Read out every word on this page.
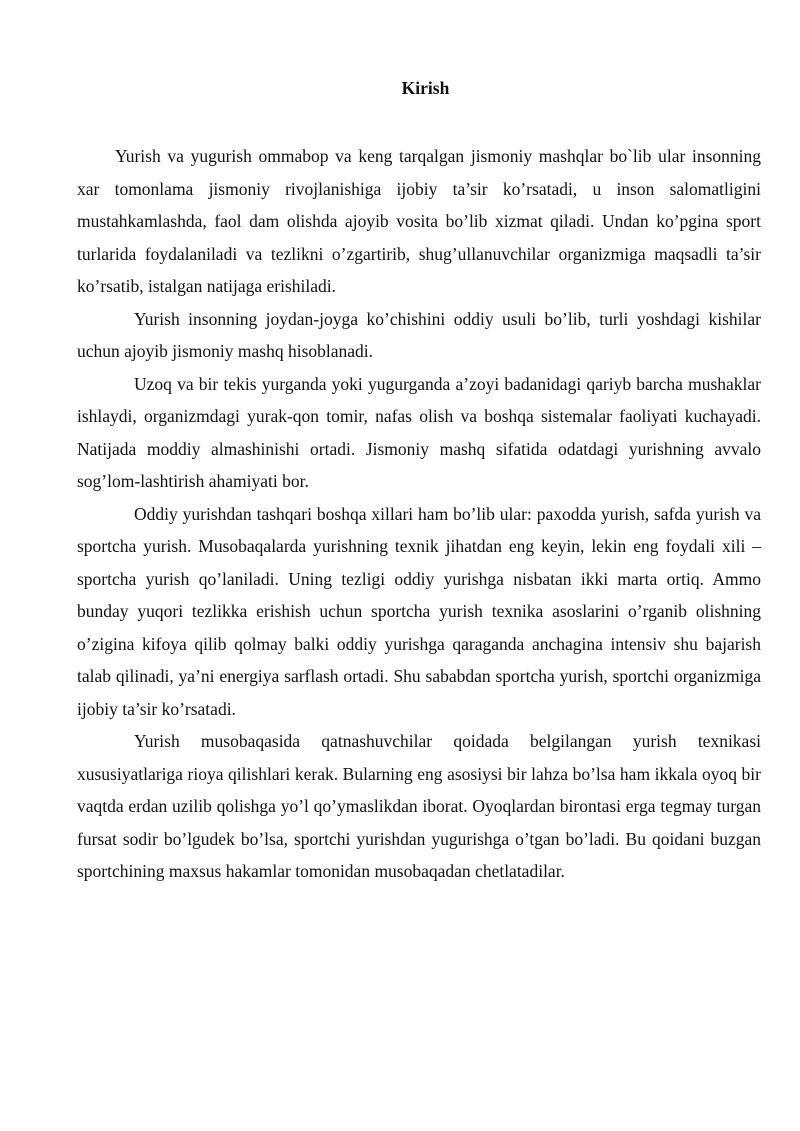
Kirish

Yurish va yugurish ommabop va keng tarqalgan jismoniy mashqlar bo`lib ular insonning xar tomonlama jismoniy rivojlanishiga ijobiy ta’sir ko’rsatadi, u inson salomatligini mustahkamlashda, faol dam olishda ajoyib vosita bo’lib xizmat qiladi. Undan ko’pgina sport turlarida foydalaniladi va tezlikni o’zgartirib, shug’ullanuvchilar organizmiga maqsadli ta’sir ko’rsatib, istalgan natijaga erishiladi.

Yurish insonning joydan-joyga ko’chishini oddiy usuli bo’lib, turli yoshdagi kishilar uchun ajoyib jismoniy mashq hisoblanadi.

Uzoq va bir tekis yurganda yoki yugurganda a’zoyi badanidagi qariyb barcha mushaklar ishlaydi, organizmdagi yurak-qon tomir, nafas olish va boshqa sistemalar faoliyati kuchayadi. Natijada moddiy almashinishi ortadi. Jismoniy mashq sifatida odatdagi yurishning avvalo sog’lom-lashtirish ahamiyati bor.

Oddiy yurishdan tashqari boshqa xillari ham bo’lib ular: paxodda yurish, safda yurish va sportcha yurish. Musobaqalarda yurishning texnik jihatdan eng keyin, lekin eng foydali xili – sportcha yurish qo’laniladi. Uning tezligi oddiy yurishga nisbatan ikki marta ortiq. Ammo bunday yuqori tezlikka erishish uchun sportcha yurish texnika asoslarini o’rganib olishning o’zigina kifoya qilib qolmay balki oddiy yurishga qaraganda anchagina intensiv shu bajarish talab qilinadi, ya’ni energiya sarflash ortadi. Shu sababdan sportcha yurish, sportchi organizmiga ijobiy ta’sir ko’rsatadi.

Yurish musobaqasida qatnashuvchilar qoidada belgilangan yurish texnikasi xususiyatlariga rioya qilishlari kerak. Bularning eng asosiysi bir lahza bo’lsa ham ikkala oyoq bir vaqtda erdan uzilib qolishga yo’l qo’ymaslikdan iborat. Oyoqlardan birontasi erga tegmay turgan fursat sodir bo’lgudek bo’lsa, sportchi yurishdan yugurishga o’tgan bo’ladi. Bu qoidani buzgan sportchining maxsus hakamlar tomonidan musobaqadan chetlatadilar.
